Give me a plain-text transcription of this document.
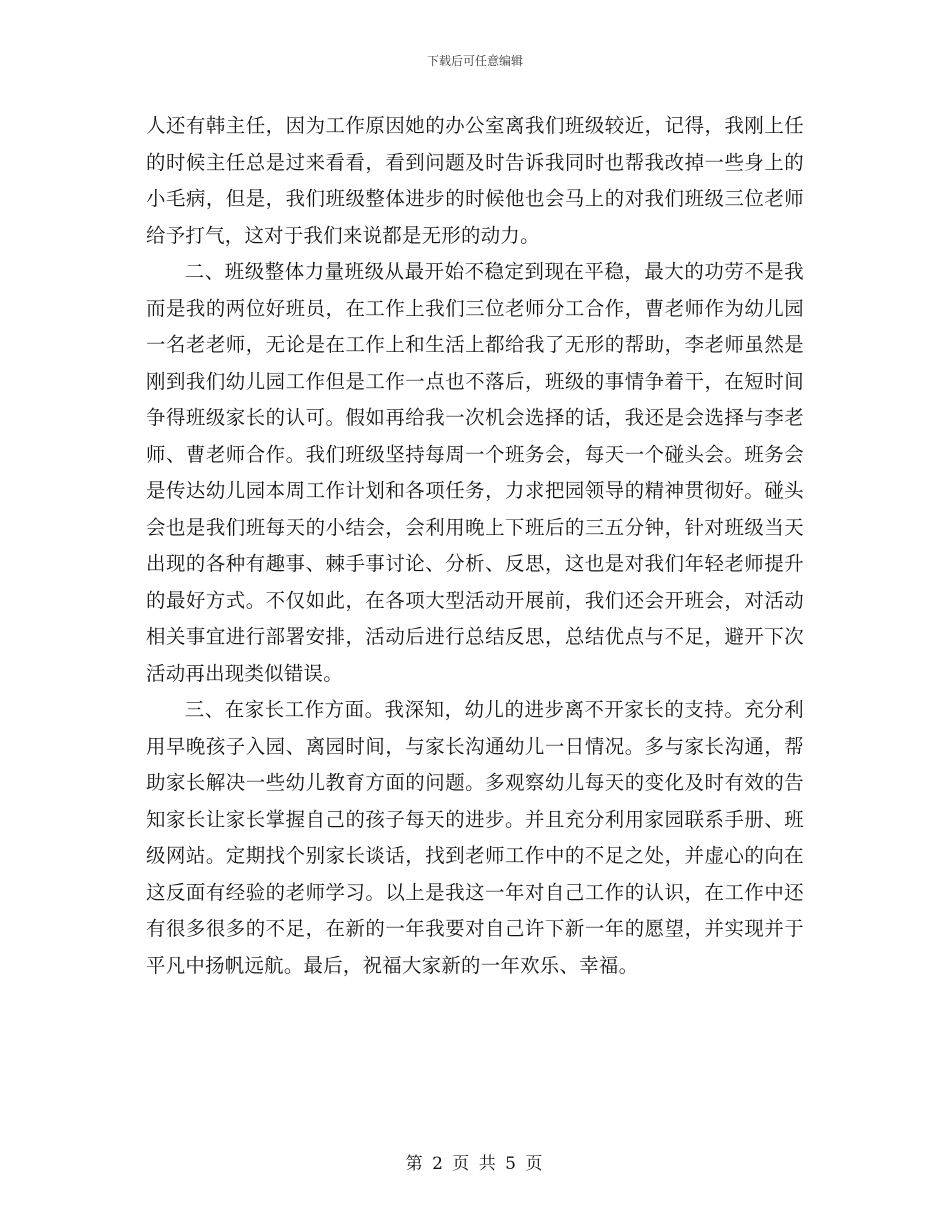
下载后可任意编辑

人还有韩主任，因为工作原因她的办公室离我们班级较近，记得，我刚上任的时候主任总是过来看看，看到问题及时告诉我同时也帮我改掉一些身上的小毛病，但是，我们班级整体进步的时候他也会马上的对我们班级三位老师给予打气，这对于我们来说都是无形的动力。

二、班级整体力量班级从最开始不稳定到现在平稳，最大的功劳不是我而是我的两位好班员，在工作上我们三位老师分工合作，曹老师作为幼儿园一名老老师，无论是在工作上和生活上都给我了无形的帮助，李老师虽然是刚到我们幼儿园工作但是工作一点也不落后，班级的事情争着干，在短时间争得班级家长的认可。假如再给我一次机会选择的话，我还是会选择与李老师、曹老师合作。我们班级坚持每周一个班务会，每天一个碰头会。班务会是传达幼儿园本周工作计划和各项任务，力求把园领导的精神贯彻好。碰头会也是我们班每天的小结会，会利用晚上下班后的三五分钟，针对班级当天出现的各种有趣事、棘手事讨论、分析、反思，这也是对我们年轻老师提升的最好方式。不仅如此，在各项大型活动开展前，我们还会开班会，对活动相关事宜进行部署安排，活动后进行总结反思，总结优点与不足，避开下次活动再出现类似错误。

三、在家长工作方面。我深知，幼儿的进步离不开家长的支持。充分利用早晚孩子入园、离园时间，与家长沟通幼儿一日情况。多与家长沟通，帮助家长解决一些幼儿教育方面的问题。多观察幼儿每天的变化及时有效的告知家长让家长掌握自己的孩子每天的进步。并且充分利用家园联系手册、班级网站。定期找个别家长谈话，找到老师工作中的不足之处，并虚心的向在这反面有经验的老师学习。以上是我这一年对自己工作的认识，在工作中还有很多很多的不足，在新的一年我要对自己许下新一年的愿望，并实现并于平凡中扬帆远航。最后，祝福大家新的一年欢乐、幸福。

第 2 页 共 5 页
